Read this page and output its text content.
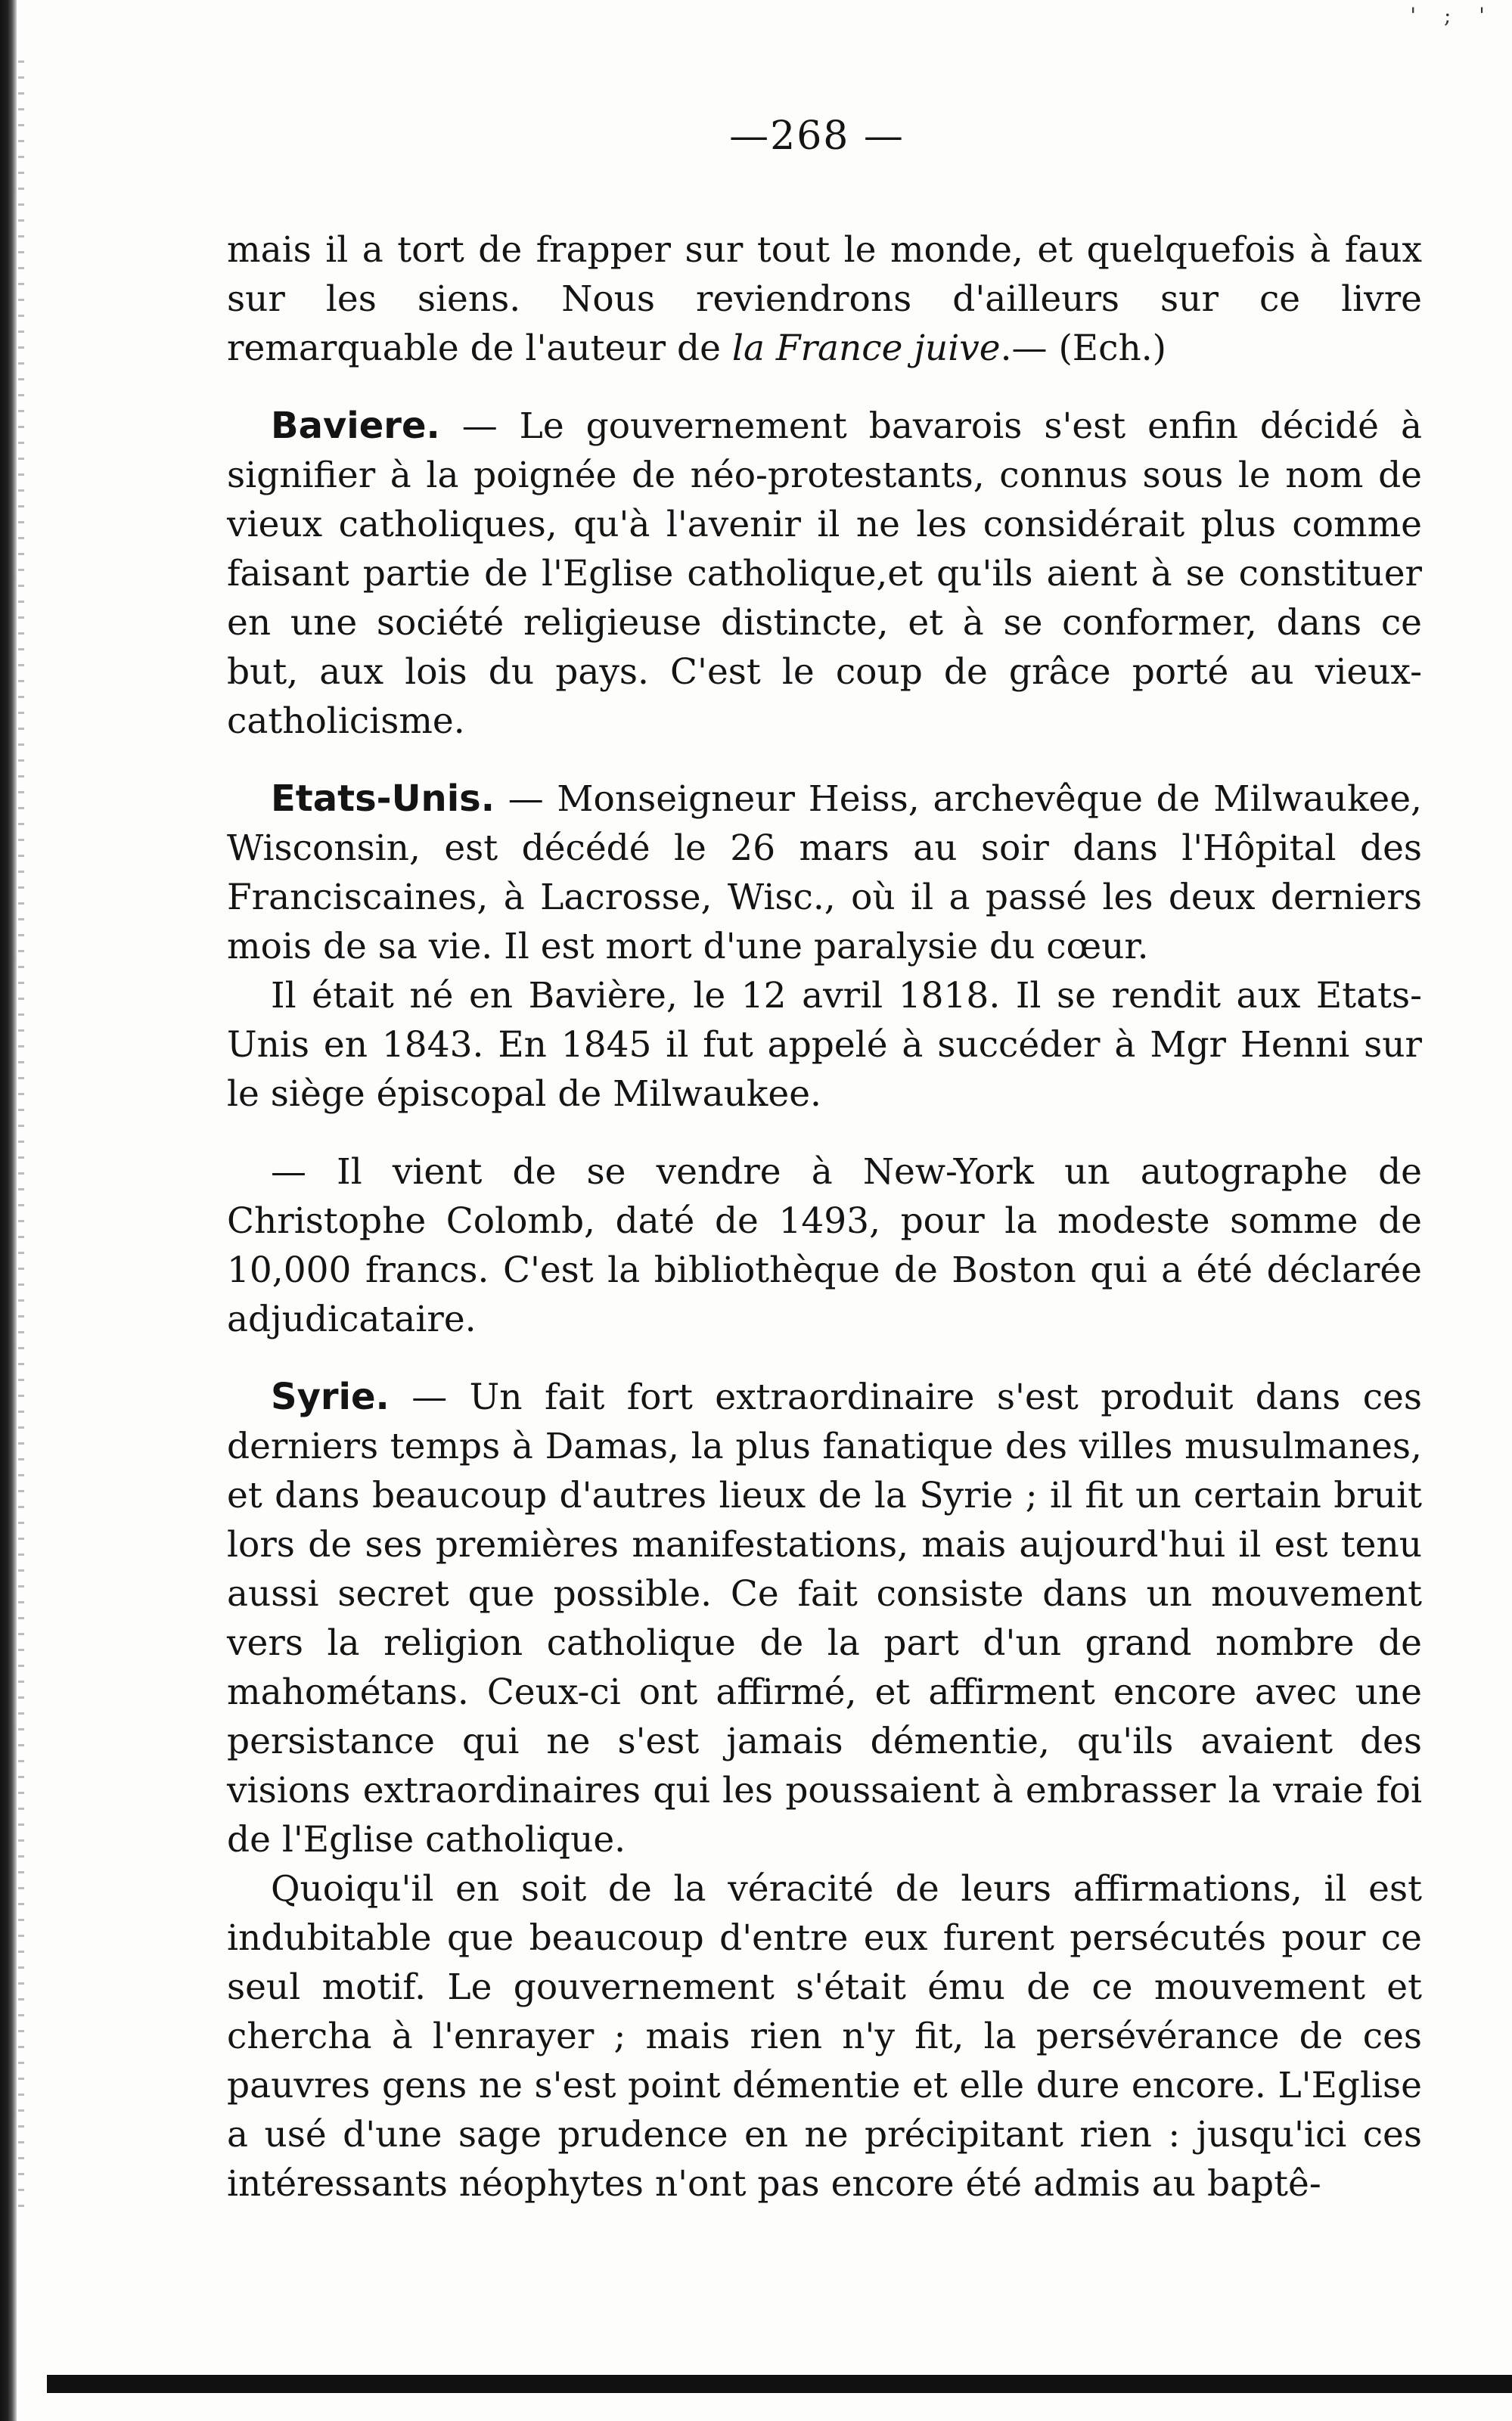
' ; '
—268 —

mais il a tort de frapper sur tout le monde, et quelquefois à faux sur les siens. Nous reviendrons d'ailleurs sur ce livre remarquable de l'auteur de la France juive.— (Ech.)

Baviere. — Le gouvernement bavarois s'est enfin décidé à signifier à la poignée de néo-protestants, connus sous le nom de vieux catholiques, qu'à l'avenir il ne les considérait plus comme faisant partie de l'Eglise catholique,et qu'ils aient à se constituer en une société religieuse distincte, et à se conformer, dans ce but, aux lois du pays. C'est le coup de grâce porté au vieux-catholicisme.

Etats-Unis. — Monseigneur Heiss, archevêque de Milwaukee, Wisconsin, est décédé le 26 mars au soir dans l'Hôpital des Franciscaines, à Lacrosse, Wisc., où il a passé les deux derniers mois de sa vie. Il est mort d'une paralysie du cœur.

Il était né en Bavière, le 12 avril 1818. Il se rendit aux Etats-Unis en 1843. En 1845 il fut appelé à succéder à Mgr Henni sur le siège épiscopal de Milwaukee.

— Il vient de se vendre à New-York un autographe de Christophe Colomb, daté de 1493, pour la modeste somme de 10,000 francs. C'est la bibliothèque de Boston qui a été déclarée adjudicataire.

Syrie. — Un fait fort extraordinaire s'est produit dans ces derniers temps à Damas, la plus fanatique des villes musulmanes, et dans beaucoup d'autres lieux de la Syrie ; il fit un certain bruit lors de ses premières manifestations, mais aujourd'hui il est tenu aussi secret que possible. Ce fait consiste dans un mouvement vers la religion catholique de la part d'un grand nombre de mahométans. Ceux-ci ont affirmé, et affirment encore avec une persistance qui ne s'est jamais démentie, qu'ils avaient des visions extraordinaires qui les poussaient à embrasser la vraie foi de l'Eglise catholique.

Quoiqu'il en soit de la véracité de leurs affirmations, il est indubitable que beaucoup d'entre eux furent persécutés pour ce seul motif. Le gouvernement s'était ému de ce mouvement et chercha à l'enrayer ; mais rien n'y fit, la persévérance de ces pauvres gens ne s'est point démentie et elle dure encore. L'Eglise a usé d'une sage prudence en ne précipitant rien : jusqu'ici ces intéressants néophytes n'ont pas encore été admis au baptê-
